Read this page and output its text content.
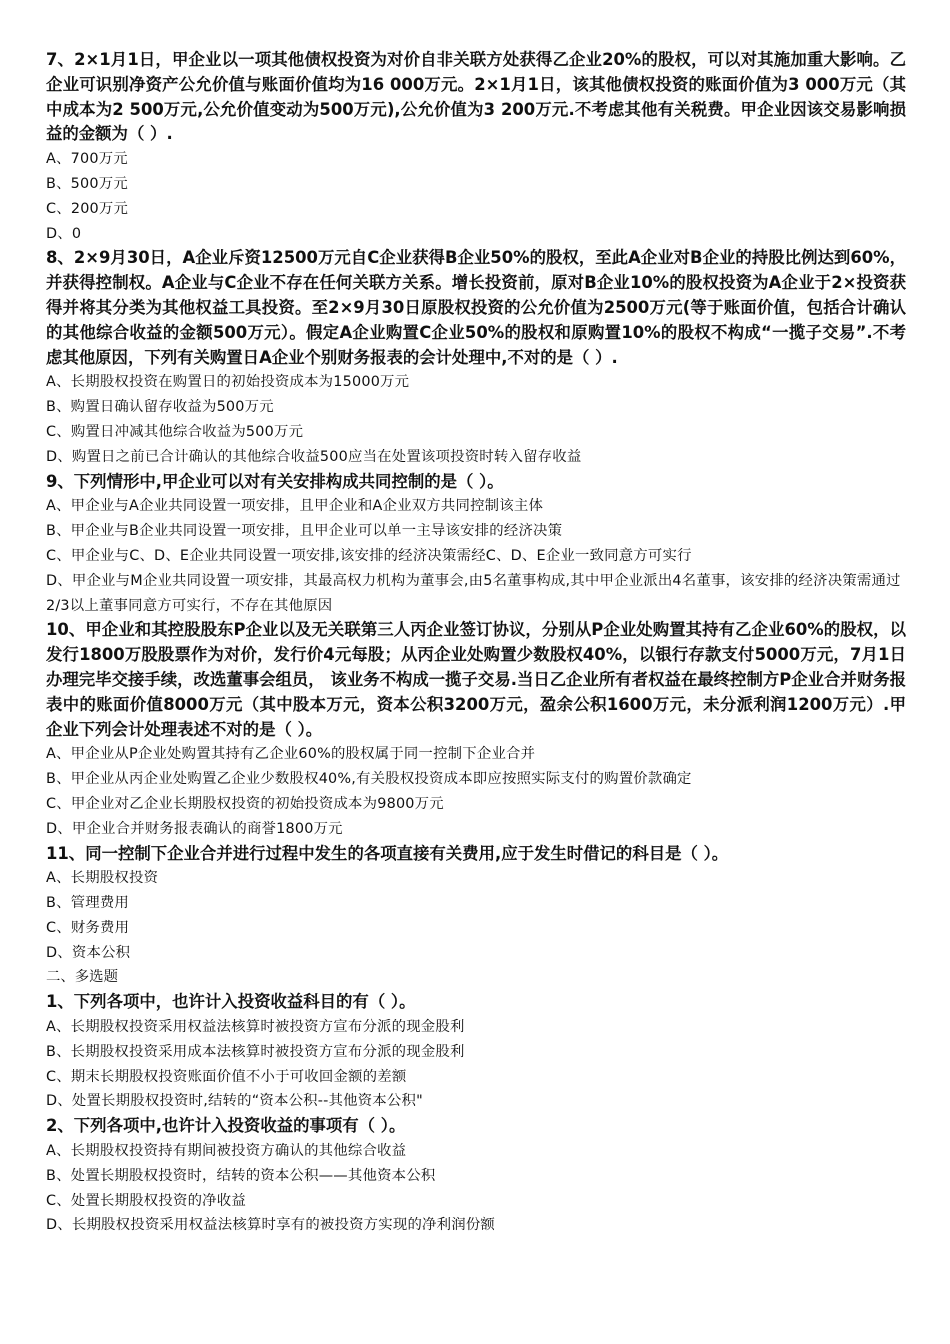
7、2×1月1日，甲企业以一项其他债权投资为对价自非关联方处获得乙企业20%的股权，可以对其施加重大影响。乙企业可识别净资产公允价值与账面价值均为16 000万元。2×1月1日，该其他债权投资的账面价值为3 000万元（其中成本为2 500万元,公允价值变动为500万元),公允价值为3 200万元.不考虑其他有关税费。甲企业因该交易影响损益的金额为（ ）.

A、700万元

B、500万元

C、200万元

D、0

8、2×9月30日，A企业斥资12500万元自C企业获得B企业50%的股权，至此A企业对B企业的持股比例达到60%，并获得控制权。A企业与C企业不存在任何关联方关系。增长投资前，原对B企业10%的股权投资为A企业于2×投资获得并将其分类为其他权益工具投资。至2×9月30日原股权投资的公允价值为2500万元(等于账面价值，包括合计确认的其他综合收益的金额500万元）。假定A企业购置C企业50%的股权和原购置10%的股权不构成“一揽子交易”.不考虑其他原因，下列有关购置日A企业个别财务报表的会计处理中,不对的是（ ）.

A、长期股权投资在购置日的初始投资成本为15000万元

B、购置日确认留存收益为500万元

C、购置日冲减其他综合收益为500万元

D、购置日之前已合计确认的其他综合收益500应当在处置该项投资时转入留存收益

9、下列情形中,甲企业可以对有关安排构成共同控制的是（ ）。

A、甲企业与A企业共同设置一项安排，且甲企业和A企业双方共同控制该主体

B、甲企业与B企业共同设置一项安排，且甲企业可以单一主导该安排的经济决策

C、甲企业与C、D、E企业共同设置一项安排,该安排的经济决策需经C、D、E企业一致同意方可实行

D、甲企业与M企业共同设置一项安排，其最高权力机构为董事会,由5名董事构成,其中甲企业派出4名董事，该安排的经济决策需通过2/3以上董事同意方可实行，不存在其他原因

10、甲企业和其控股股东P企业以及无关联第三人丙企业签订协议，分别从P企业处购置其持有乙企业60%的股权，以发行1800万股股票作为对价，发行价4元每股；从丙企业处购置少数股权40%，以银行存款支付5000万元，7月1日办理完毕交接手续，改选董事会组员， 该业务不构成一揽子交易.当日乙企业所有者权益在最终控制方P企业合并财务报表中的账面价值8000万元（其中股本万元，资本公积3200万元，盈余公积1600万元，未分派利润1200万元）.甲企业下列会计处理表述不对的是（ ）。

A、甲企业从P企业处购置其持有乙企业60%的股权属于同一控制下企业合并

B、甲企业从丙企业处购置乙企业少数股权40%,有关股权投资成本即应按照实际支付的购置价款确定

C、甲企业对乙企业长期股权投资的初始投资成本为9800万元

D、甲企业合并财务报表确认的商誉1800万元

11、同一控制下企业合并进行过程中发生的各项直接有关费用,应于发生时借记的科目是（ ）。

A、长期股权投资

B、管理费用

C、财务费用

D、资本公积

二、多选题

1、下列各项中，也许计入投资收益科目的有（ ）。

A、长期股权投资采用权益法核算时被投资方宣布分派的现金股利

B、长期股权投资采用成本法核算时被投资方宣布分派的现金股利

C、期末长期股权投资账面价值不小于可收回金额的差额

D、处置长期股权投资时,结转的“资本公积--其他资本公积"

2、下列各项中,也许计入投资收益的事项有（ ）。

A、长期股权投资持有期间被投资方确认的其他综合收益

B、处置长期股权投资时，结转的资本公积——其他资本公积

C、处置长期股权投资的净收益

D、长期股权投资采用权益法核算时享有的被投资方实现的净利润份额
